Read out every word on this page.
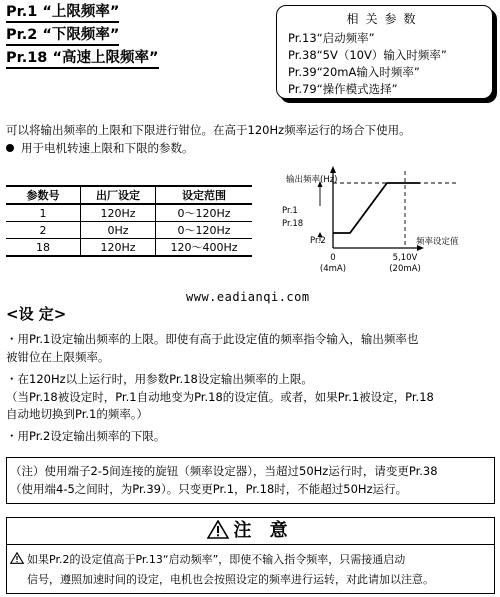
Pr.1 “上限频率”
Pr.2 “下限频率”
Pr.18 “高速上限频率”
相关参数
Pr.13“启动频率”
Pr.38“5V（10V）输入时频率”
Pr.39“20mA输入时频率”
Pr.79“操作模式选择”
可以将输出频率的上限和下限进行钳位。在高于120Hz频率运行的场合下使用。
用于电机转速上限和下限的参数。
参数号	出厂设定	设定范围
1	120Hz	0～120Hz
2	0Hz	0～120Hz
18	120Hz	120～400Hz
输出频率(Hz)
Pr.1
Pr.18
Pr.2	频率设定值
0
(4mA)
5,10V
(20mA)
www.eadianqi.com
<设 定>
・用Pr.1设定输出频率的上限。即使有高于此设定值的频率指令输入，输出频率也
被钳位在上限频率。
・在120Hz以上运行时，用参数Pr.18设定输出频率的上限。
（当Pr.18被设定时，Pr.1自动地变为Pr.18的设定值。或者，如果Pr.1被设定，Pr.18
自动地切换到Pr.1的频率。）
・用Pr.2设定输出频率的下限。
（注）使用端子2-5间连接的旋钮（频率设定器），当超过50Hz运行时，请变更Pr.38
（使用端4-5之间时，为Pr.39）。只变更Pr.1，Pr.18时，不能超过50Hz运行。
注 意
如果Pr.2的设定值高于Pr.13“启动频率”，即使不输入指令频率，只需接通启动
信号，遵照加速时间的设定，电机也会按照设定的频率进行运转，对此请加以注意。
